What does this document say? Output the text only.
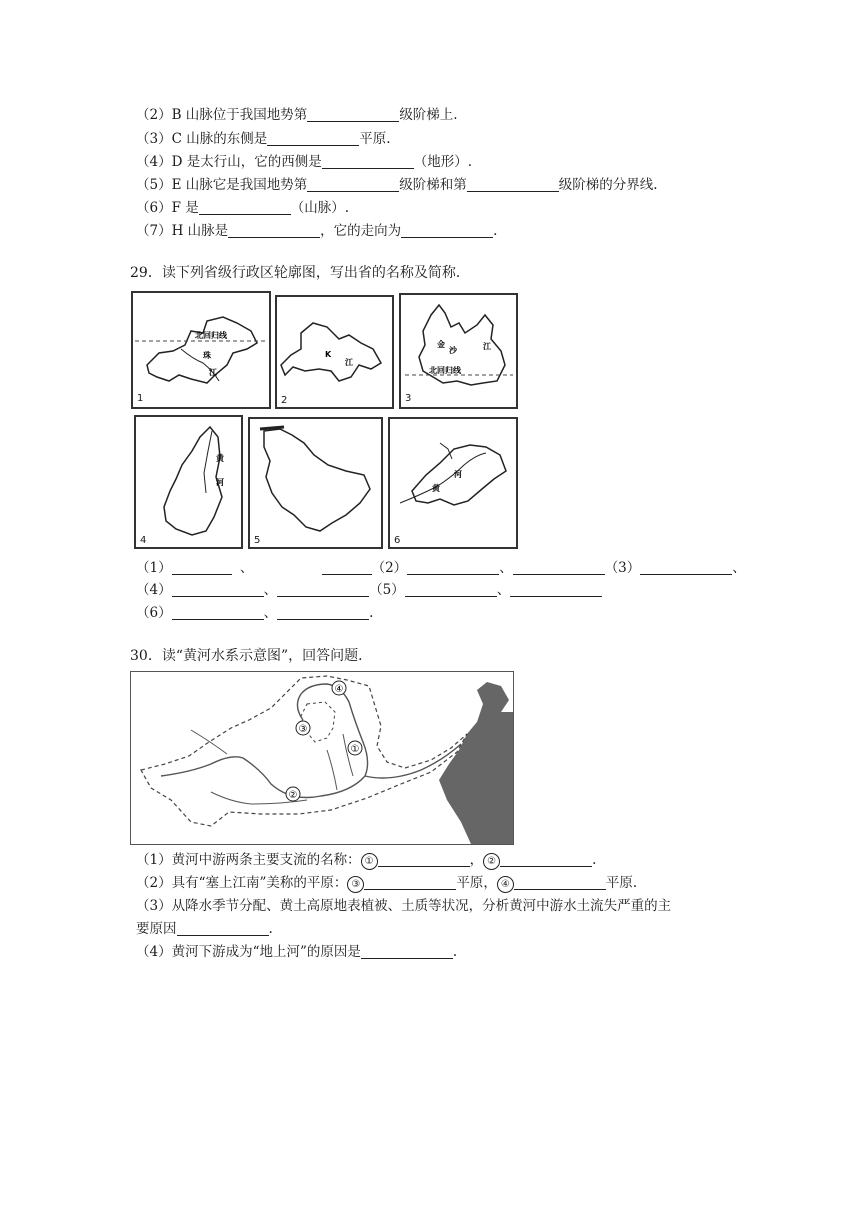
（2）B 山脉位于我国地势第	级阶梯上.
（3）C 山脉的东侧是	平原.
（4）D 是太行山，它的西侧是	（地形）.
（5）E 山脉它是我国地势第	级阶梯和第	级阶梯的分界线.
（6）F 是	（山脉）.
（7）H 山脉是	，它的走向为	.
29．读下列省级行政区轮廓图，写出省的名称及简称．
北回归线
珠
江
1
K
江
2
金
沙	江
北回归线
3
黄
河
4	5
河
黄
6
（1）	、	（2）	、	（3）	、
（4）	、	（5）	、
（6）	、	.
30．读“黄河水系示意图”，回答问题．
①
②
③
④
（1）黄河中游两条主要支流的名称： ①	， ②	.
（2）具有“塞上江南”美称的平原： ③	平原， ④	平原.
（3）从降水季节分配、黄土高原地表植被、土质等状况，分析黄河中游水土流失严重的主
要原因	.
（4）黄河下游成为“地上河”的原因是	.
